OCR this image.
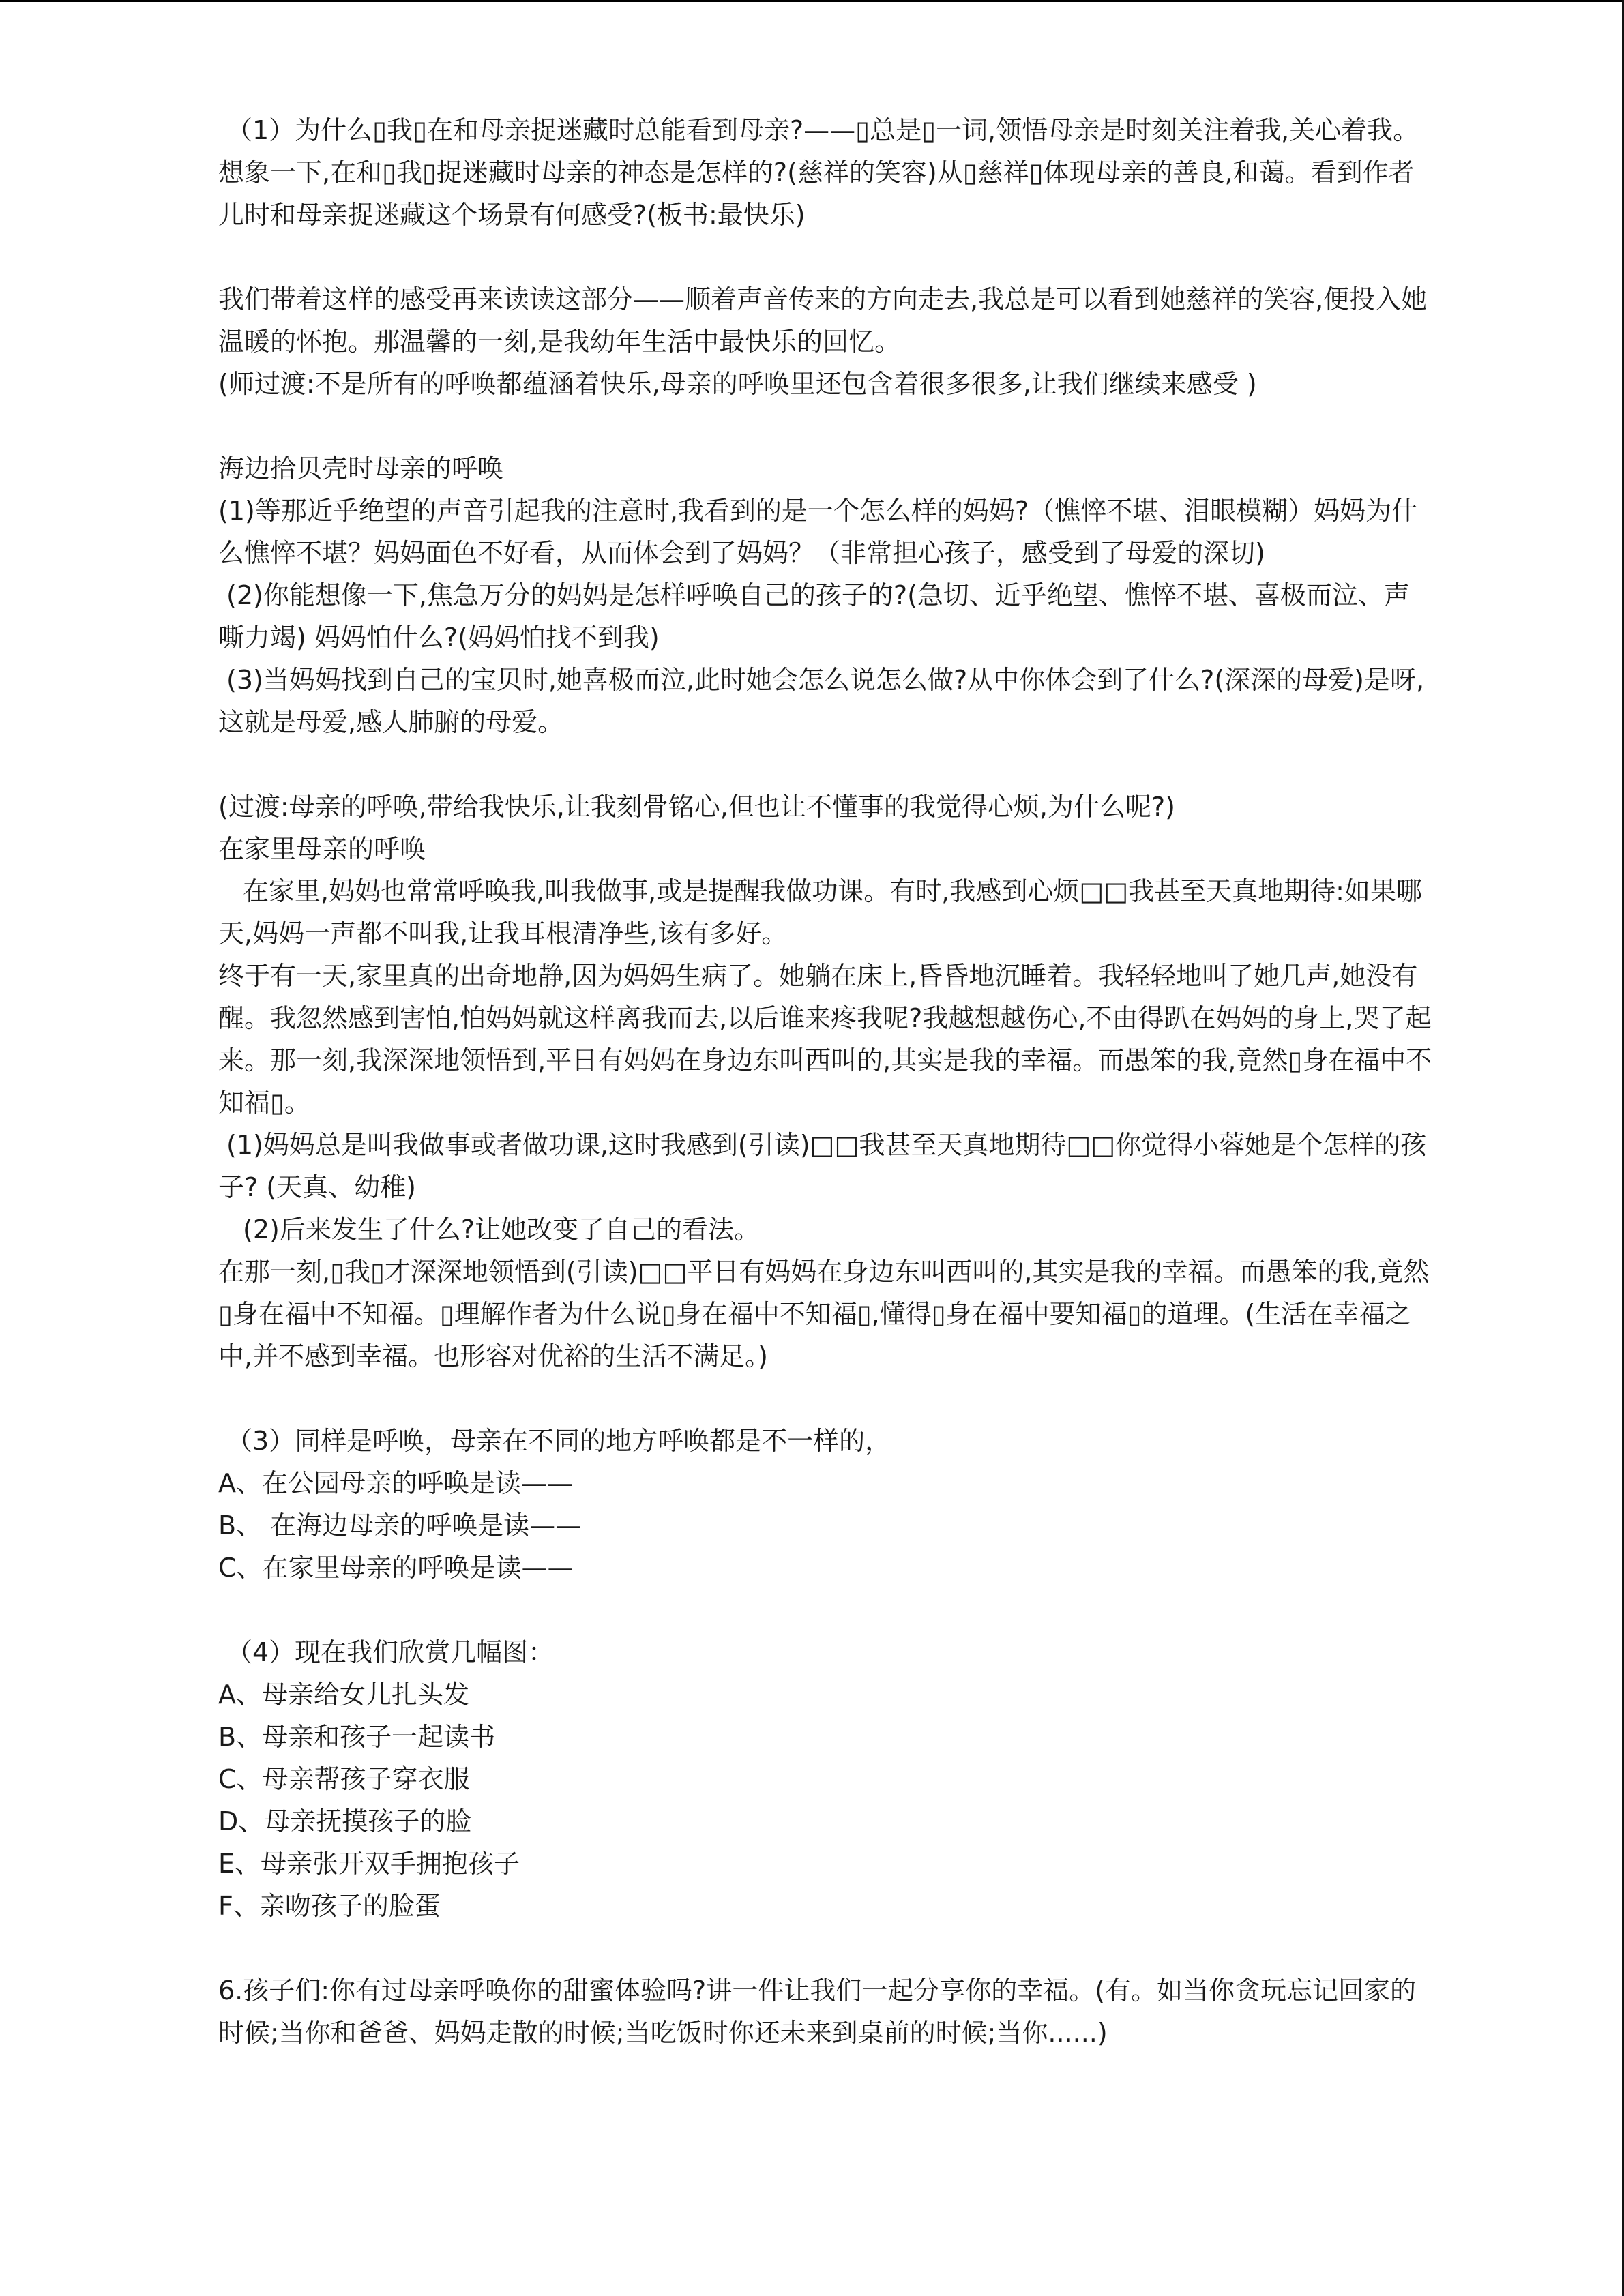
（1）为什么▯我▯在和母亲捉迷藏时总能看到母亲?——▯总是▯一词,领悟母亲是时刻关注着我,关心着我。想象一下,在和▯我▯捉迷藏时母亲的神态是怎样的?(慈祥的笑容)从▯慈祥▯体现母亲的善良,和蔼。看到作者儿时和母亲捉迷藏这个场景有何感受?(板书:最快乐)

我们带着这样的感受再来读读这部分——顺着声音传来的方向走去,我总是可以看到她慈祥的笑容,便投入她温暖的怀抱。那温馨的一刻,是我幼年生活中最快乐的回忆。

(师过渡:不是所有的呼唤都蕴涵着快乐,母亲的呼唤里还包含着很多很多,让我们继续来感受 )

海边拾贝壳时母亲的呼唤

(1)等那近乎绝望的声音引起我的注意时,我看到的是一个怎么样的妈妈?（憔悴不堪、泪眼模糊）妈妈为什么憔悴不堪？妈妈面色不好看，从而体会到了妈妈？（非常担心孩子，感受到了母爱的深切)

(2)你能想像一下,焦急万分的妈妈是怎样呼唤自己的孩子的?(急切、近乎绝望、憔悴不堪、喜极而泣、声嘶力竭) 妈妈怕什么?(妈妈怕找不到我)

(3)当妈妈找到自己的宝贝时,她喜极而泣,此时她会怎么说怎么做?从中你体会到了什么?(深深的母爱)是呀,这就是母爱,感人肺腑的母爱。

(过渡:母亲的呼唤,带给我快乐,让我刻骨铭心,但也让不懂事的我觉得心烦,为什么呢?)

在家里母亲的呼唤

在家里,妈妈也常常呼唤我,叫我做事,或是提醒我做功课。有时,我感到心烦□□我甚至天真地期待:如果哪天,妈妈一声都不叫我,让我耳根清净些,该有多好。

终于有一天,家里真的出奇地静,因为妈妈生病了。她躺在床上,昏昏地沉睡着。我轻轻地叫了她几声,她没有醒。我忽然感到害怕,怕妈妈就这样离我而去,以后谁来疼我呢?我越想越伤心,不由得趴在妈妈的身上,哭了起来。那一刻,我深深地领悟到,平日有妈妈在身边东叫西叫的,其实是我的幸福。而愚笨的我,竟然▯身在福中不知福▯。

(1)妈妈总是叫我做事或者做功课,这时我感到(引读)□□我甚至天真地期待□□你觉得小蓉她是个怎样的孩子? (天真、幼稚)

(2)后来发生了什么?让她改变了自己的看法。

在那一刻,▯我▯才深深地领悟到(引读)□□平日有妈妈在身边东叫西叫的,其实是我的幸福。而愚笨的我,竟然▯身在福中不知福。▯理解作者为什么说▯身在福中不知福▯,懂得▯身在福中要知福▯的道理。(生活在幸福之中,并不感到幸福。也形容对优裕的生活不满足。)

（3）同样是呼唤，母亲在不同的地方呼唤都是不一样的，

A、在公园母亲的呼唤是读——

B、 在海边母亲的呼唤是读——

C、在家里母亲的呼唤是读——

（4）现在我们欣赏几幅图：

A、母亲给女儿扎头发

B、母亲和孩子一起读书

C、母亲帮孩子穿衣服

D、母亲抚摸孩子的脸

E、母亲张开双手拥抱孩子

F、亲吻孩子的脸蛋

6.孩子们:你有过母亲呼唤你的甜蜜体验吗?讲一件让我们一起分享你的幸福。(有。如当你贪玩忘记回家的时候;当你和爸爸、妈妈走散的时候;当吃饭时你还未来到桌前的时候;当你......)
